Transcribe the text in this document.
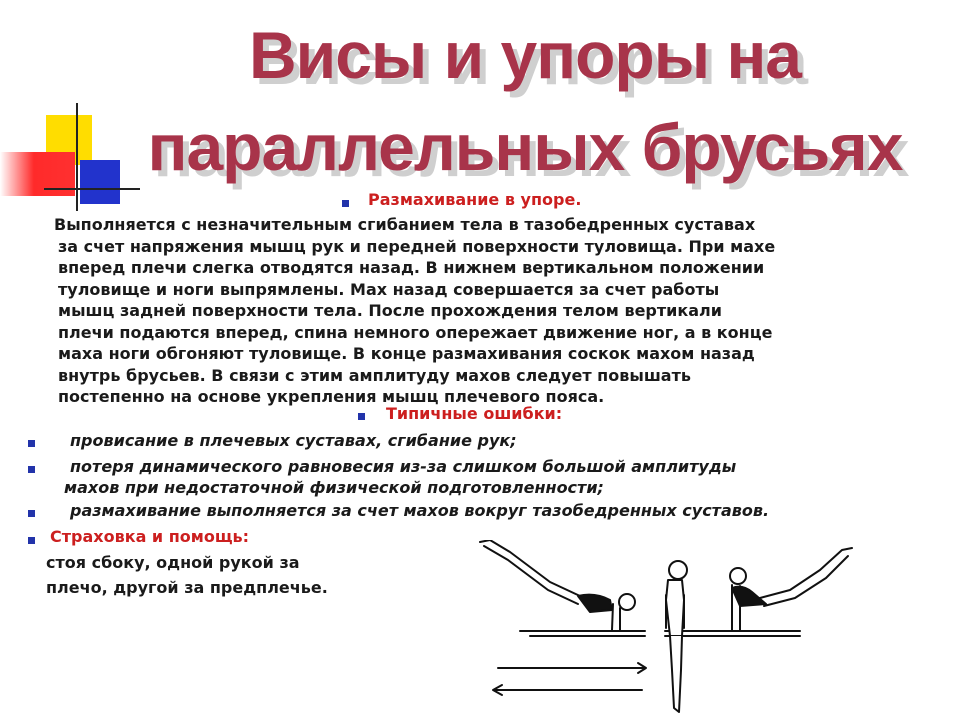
Висы и упоры на
параллельных брусьях
Размахивание в упоре.
Выполняется с незначительным сгибанием тела в тазобедренных суставах
за счет напряжения мышц рук и передней поверхности туловища. При махе
вперед плечи слегка отводятся назад. В нижнем вертикальном положении
туловище и ноги выпрямлены. Мах назад совершается за счет работы
мышц задней поверхности тела. После прохождения телом вертикали
плечи подаются вперед, спина немного опережает движение ног, а в конце
маха ноги обгоняют туловище. В конце размахивания соскок махом назад
внутрь брусьев. В связи с этим амплитуду махов следует повышать
постепенно на основе укрепления мышц плечевого пояса.
Типичные ошибки:
провисание в плечевых суставах, сгибание рук;
потеря динамического равновесия из-за слишком большой амплитуды
махов при недостаточной физической подготовленности;
размахивание выполняется за счет махов вокруг тазобедренных суставов.
Страховка и помощь:
стоя сбоку, одной рукой за
плечо, другой за предплечье.
